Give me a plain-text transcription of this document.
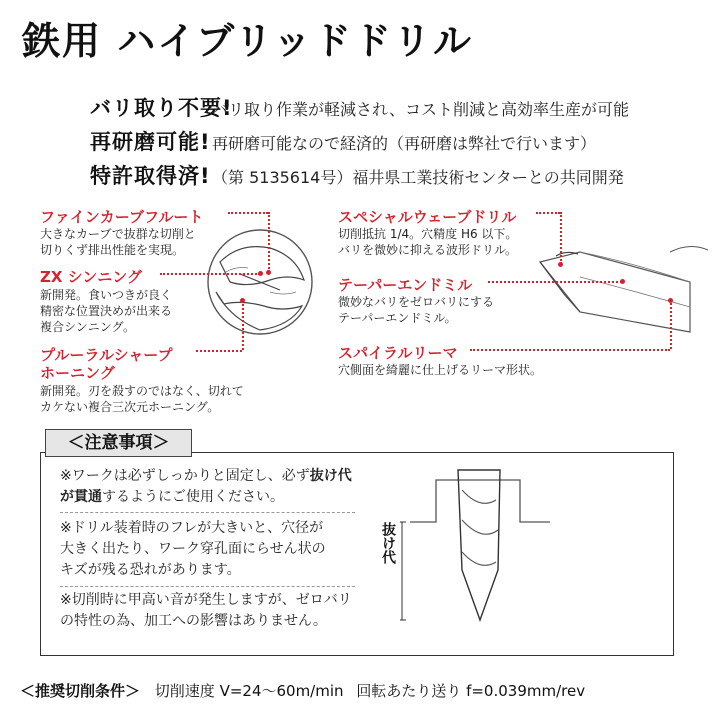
鉄用 ハイブリッドドリル
バリ取り不要!
バリ取り作業が軽減され、コスト削減と高効率生産が可能
再研磨可能! 再研磨可能なので経済的（再研磨は弊社で行います）
特許取得済! （第 5135614号）福井県工業技術センターとの共同開発
ファインカーブフルート
大きなカーブで抜群な切削と
切りくず排出性能を実現。
ZX シンニング
新開発。食いつきが良く
精密な位置決めが出来る
複合シンニング。
プルーラルシャープ
ホーニング
新開発。刃を殺すのではなく、切れて
カケない複合三次元ホーニング。
スペシャルウェーブドリル
切削抵抗 1/4。穴精度 H6 以下。
バリを微妙に抑える波形ドリル。
テーパーエンドミル
微妙なバリをゼロバリにする
テーパーエンドミル。
スパイラルリーマ
穴側面を綺麗に仕上げるリーマ形状。
＜注意事項＞
※ワークは必ずしっかりと固定し、必ず抜け代
が貫通するようにご使用ください。
※ドリル装着時のフレが大きいと、穴径が
大きく出たり、ワーク穿孔面にらせん状の
キズが残る恐れがあります。
※切削時に甲高い音が発生しますが、ゼロバリ
の特性の為、加工への影響はありません。
抜け代
＜推奨切削条件＞ 切削速度 V=24～60m/min 回転あたり送り f=0.039mm/rev
